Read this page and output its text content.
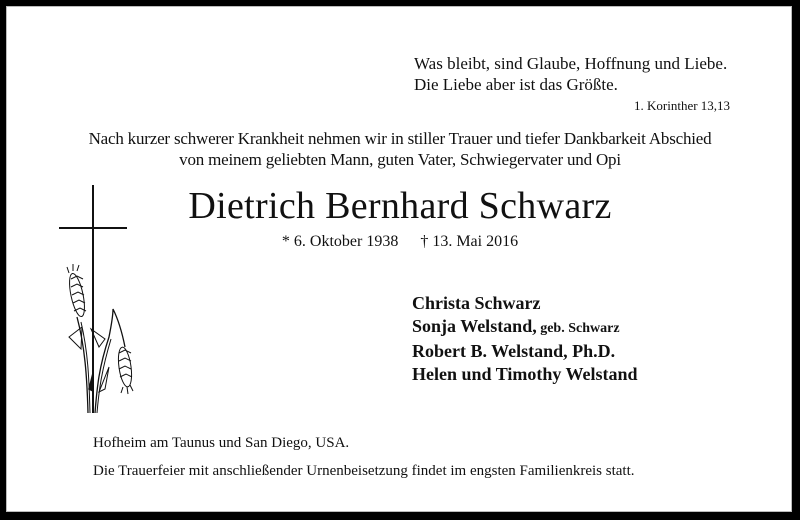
Was bleibt, sind Glaube, Hoffnung und Liebe.
Die Liebe aber ist das Größte.
1. Korinther 13,13
Nach kurzer schwerer Krankheit nehmen wir in stiller Trauer und tiefer Dankbarkeit Abschied
von meinem geliebten Mann, guten Vater, Schwiegervater und Opi
Dietrich Bernhard Schwarz
* 6. Oktober 1938 † 13. Mai 2016
Christa Schwarz
Sonja Welstand, geb. Schwarz
Robert B. Welstand, Ph.D.
Helen und Timothy Welstand
Hofheim am Taunus und San Diego, USA.
Die Trauerfeier mit anschließender Urnenbeisetzung findet im engsten Familienkreis statt.
